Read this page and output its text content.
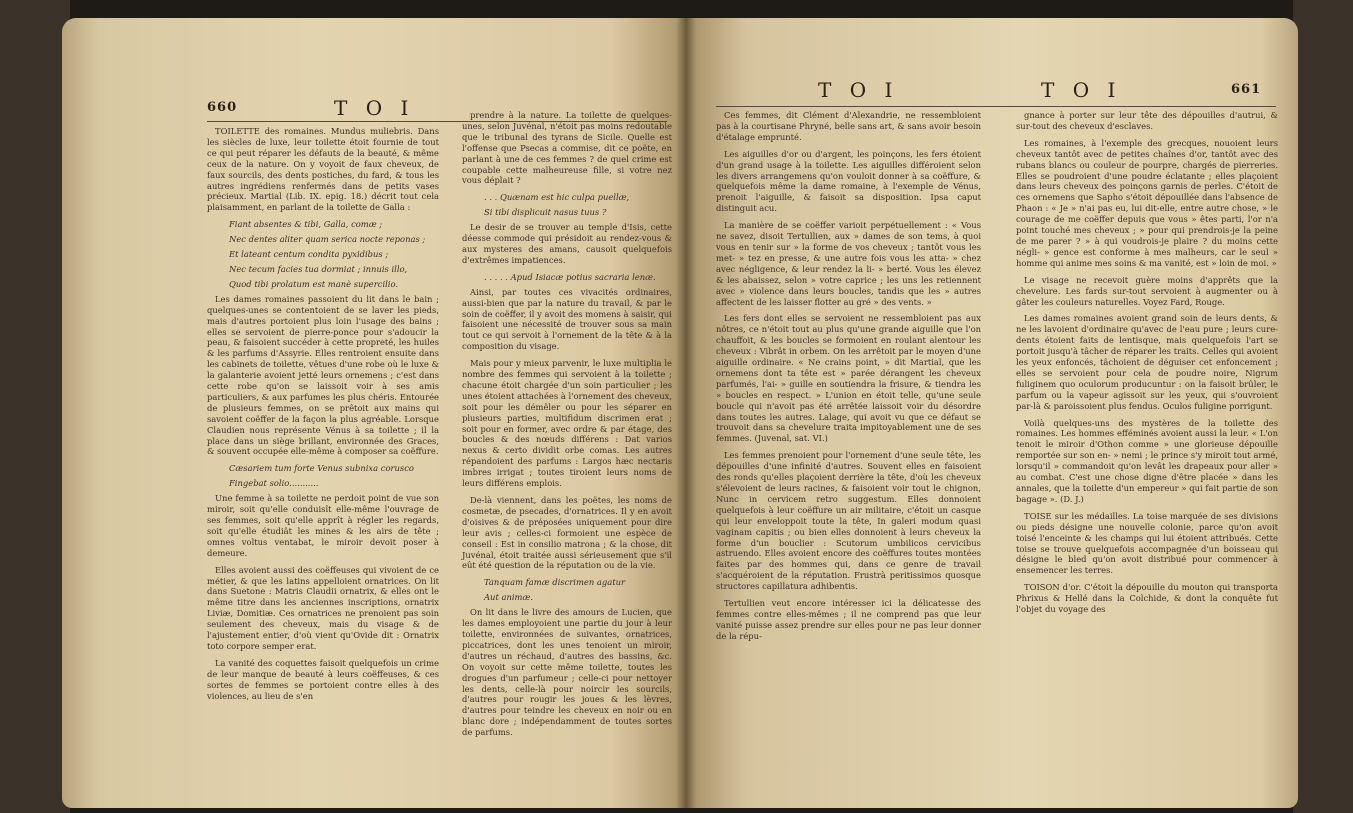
660	T O I

TOILETTE des romaines. Mundus muliebris. Dans les siècles de luxe, leur toilette étoit fournie de tout ce qui peut réparer les défauts de la beauté, & même ceux de la nature. On y voyoit de faux cheveux, de faux sourcils, des dents postiches, du fard, & tous les autres ingrédiens renfermés dans de petits vases précieux. Martial (Lib. IX. epig. 18.) décrit tout cela plaisamment, en parlant de la toilette de Galla :

Fiant absentes & tibi, Galla, comæ ;

Nec dentes aliter quam serica nocte reponas ;

Et lateant centum condita pyxidibus ;

Nec tecum facies tua dormiat ; innuis illo,

Quod tibi prolatum est manè supercilio.

Les dames romaines passoient du lit dans le bain ; quelques-unes se contentoient de se laver les pieds, mais d'autres portoient plus loin l'usage des bains ; elles se servoient de pierre-ponce pour s'adoucir la peau, & faisoient succéder à cette propreté, les huiles & les parfums d'Assyrie. Elles rentroient ensuite dans les cabinets de toilette, vêtues d'une robe où le luxe & la galanterie avoient jetté leurs ornemens ; c'est dans cette robe qu'on se laissoit voir à ses amis particuliers, & aux parfumes les plus chéris. Entourée de plusieurs femmes, on se prêtoit aux mains qui savoient coëffer de la façon la plus agréable. Lorsque Claudien nous représente Vénus à sa toilette ; il la place dans un siège brillant, environnée des Graces, & souvent occupée elle-même à composer sa coëffure.

Cæsariem tum forte Venus subnixa corusco

Fingebat solio...........

Une femme à sa toilette ne perdoit point de vue son miroir, soit qu'elle conduisît elle-même l'ouvrage de ses femmes, soit qu'elle apprît à régler les regards, soit qu'elle étudiât les mines & les airs de tête ; omnes voltus ventabat, le miroir devoit poser à demeure.

Elles avoient aussi des coëffeuses qui vivoient de ce métier, & que les latins appelloient ornatrices. On lit dans Suetone : Matris Claudii ornatrix, & elles ont le même titre dans les anciennes inscriptions, ornatrix Liviæ, Domitiæ. Ces ornatrices ne prenoient pas soin seulement des cheveux, mais du visage & de l'ajustement entier, d'où vient qu'Ovide dit : Ornatrix toto corpore semper erat.

La vanité des coquettes faisoit quelquefois un crime de leur manque de beauté à leurs coëffeuses, & ces sortes de femmes se portoient contre elles à des violences, au lieu de s'en

prendre à la nature. La toilette de quelques-unes, selon Juvénal, n'étoit pas moins redoutable que le tribunal des tyrans de Sicile. Quelle est l'offense que Psecas a commise, dit ce poëte, en parlant à une de ces femmes ? de quel crime est coupable cette malheureuse fille, si votre nez vous déplait ?

. . . Quænam est hic culpa puellæ,

Si tibi displicuit nasus tuus ?

Le desir de se trouver au temple d'Isis, cette déesse commode qui présidoit au rendez-vous & aux mysteres des amans, causoit quelquefois d'extrêmes impatiences.

. . . . . Apud Isiacæ potius sacraria lenæ.

Ainsi, par toutes ces vivacités ordinaires, aussi-bien que par la nature du travail, & par le soin de coëffer, il y avoit des momens à saisir, qui faisoient une nécessité de trouver sous sa main tout ce qui servoit à l'ornement de la tête & à la composition du visage.

Mais pour y mieux parvenir, le luxe multiplia le nombre des femmes qui servoient à la toilette ; chacune étoit chargée d'un soin particulier ; les unes étoient attachées à l'ornement des cheveux, soit pour les démêler ou pour les séparer en plusieurs parties, multifidum discrimen erat ; soit pour en former, avec ordre & par étage, des boucles & des nœuds différens : Dat varios nexus & certo dividit orbe comas. Les autres répandoient des parfums : Largos hæc nectaris imbres irrigat ; toutes tiroient leurs noms de leurs différens emplois.

De-là viennent, dans les poëtes, les noms de cosmetæ, de psecades, d'ornatrices. Il y en avoit d'oisives & de préposées uniquement pour dire leur avis ; celles-ci formoient une espèce de conseil : Est in consilio matrona ; & la chose, dit Juvénal, étoit traitée aussi sérieusement que s'il eût été question de la réputation ou de la vie.

Tanquam famæ discrimen agatur

Aut animæ.

On lit dans le livre des amours de Lucien, que les dames employoient une partie du jour à leur toilette, environnées de suivantes, ornatrices, piccatrices, dont les unes tenoient un miroir, d'autres un réchaud, d'autres des bassins, &c. On voyoit sur cette même toilette, toutes les drogues d'un parfumeur ; celle-ci pour nettoyer les dents, celle-là pour noircir les sourcils, d'autres pour rougir les joues & les lèvres, d'autres pour teindre les cheveux en noir ou en blanc dore ; indépendamment de toutes sortes de parfums.

T O I	T O I	661

Ces femmes, dit Clément d'Alexandrie, ne ressembloient pas à la courtisane Phryné, belle sans art, & sans avoir besoin d'étalage emprunté.

Les aiguilles d'or ou d'argent, les poinçons, les fers étoient d'un grand usage à la toilette. Les aiguilles différoient selon les divers arrangemens qu'on vouloit donner à sa coëffure, & quelquefois même la dame romaine, à l'exemple de Vénus, prenoit l'aiguille, & faisoit sa disposition. Ipsa caput distinguit acu.

La manière de se coëffer varioit perpétuellement : « Vous ne savez, disoit Tertullien, aux » dames de son tems, à quoi vous en tenir sur » la forme de vos cheveux ; tantôt vous les met- » tez en presse, & une autre fois vous les atta- » chez avec négligence, & leur rendez la li- » berté. Vous les élevez & les abaissez, selon » votre caprice ; les uns les retiennent avec » violence dans leurs boucles, tandis que les » autres affectent de les laisser flotter au gré » des vents. »

Les fers dont elles se servoient ne ressembloient pas aux nôtres, ce n'étoit tout au plus qu'une grande aiguille que l'on chauffoit, & les boucles se formoient en roulant alentour les cheveux : Vibrât in orbem. On les arrêtoit par le moyen d'une aiguille ordinaire. « Ne crains point, » dit Martial, que les ornemens dont ta tête est » parée dérangent les cheveux parfumés, l'ai- » guille en soutiendra la frisure, & tiendra les » boucles en respect. » L'union en étoit telle, qu'une seule boucle qui n'avoit pas été arrêtée laissoit voir du désordre dans toutes les autres. Lalage, qui avoit vu que ce défaut se trouvoit dans sa chevelure traita impitoyablement une de ses femmes. (Juvenal, sat. VI.)

Les femmes prenoient pour l'ornement d'une seule tête, les dépouilles d'une infinité d'autres. Souvent elles en faisoient des ronds qu'elles plaçoient derrière la tête, d'où les cheveux s'élevoient de leurs racines, & faisoient voir tout le chignon, Nunc in cervicem retro suggestum. Elles donnoient quelquefois à leur coëffure un air militaire, c'étoit un casque qui leur enveloppoit toute la tête, In galeri modum quasi vaginam capitis ; ou bien elles donnoient à leurs cheveux la forme d'un bouclier : Scutorum umbilicos cervicibus astruendo. Elles avoient encore des coëffures toutes montées faites par des hommes qui, dans ce genre de travail s'acquéroient de la réputation. Frustrà peritissimos quosque structores capillatura adhibentis.

Tertullien veut encore intéresser ici la délicatesse des femmes contre elles-mêmes ; il ne comprend pas que leur vanité puisse assez prendre sur elles pour ne pas leur donner de la répu-

gnance à porter sur leur tête des dépouilles d'autrui, & sur-tout des cheveux d'esclaves.

Les romaines, à l'exemple des grecques, nouoient leurs cheveux tantôt avec de petites chaînes d'or, tantôt avec des rubans blancs ou couleur de pourpre, chargés de pierreries. Elles se poudroient d'une poudre éclatante ; elles plaçoient dans leurs cheveux des poinçons garnis de perles. C'étoit de ces ornemens que Sapho s'étoit dépouillée dans l'absence de Phaon : « Je » n'ai pas eu, lui dit-elle, entre autre chose, » le courage de me coëffer depuis que vous » êtes parti, l'or n'a point touché mes cheveux ; » pour qui prendrois-je la peine de me parer ? » à qui voudrois-je plaire ? du moins cette négli- » gence est conforme à mes malheurs, car le seul » homme qui anime mes soins & ma vanité, est » loin de moi. »

Le visage ne recevoit guère moins d'apprêts que la chevelure. Les fards sur-tout servoient à augmenter ou à gâter les couleurs naturelles. Voyez Fard, Rouge.

Les dames romaines avoient grand soin de leurs dents, & ne les lavoient d'ordinaire qu'avec de l'eau pure ; leurs cure-dents étoient faits de lentisque, mais quelquefois l'art se portoit jusqu'à tâcher de réparer les traits. Celles qui avoient les yeux enfoncés, tâchoient de déguiser cet enfoncement ; elles se servoient pour cela de poudre noire, Nigrum fuliginem quo oculorum producuntur : on la faisoit brûler, le parfum ou la vapeur agissoit sur les yeux, qui s'ouvroient par-là & paroissoient plus fendus. Oculos fuligine porrigunt.

Voilà quelques-uns des mystères de la toilette des romaines. Les hommes efféminés avoient aussi la leur. « L'on tenoit le miroir d'Othon comme » une glorieuse dépouille remportée sur son en- » nemi ; le prince s'y miroit tout armé, lorsqu'il » commandoit qu'on levât les drapeaux pour aller » au combat. C'est une chose digne d'être placée » dans les annales, que la toilette d'un empereur » qui fait partie de son bagage ». (D. J.)

TOISE sur les médailles. La toise marquée de ses divisions ou pieds désigne une nouvelle colonie, parce qu'on avoit toisé l'enceinte & les champs qui lui étoient attribués. Cette toise se trouve quelquefois accompagnée d'un boisseau qui désigne le bled qu'on avoit distribué pour commencer à ensemencer les terres.

TOISON d'or. C'étoit la dépouille du mouton qui transporta Phrixus & Hellé dans la Colchide, & dont la conquête fut l'objet du voyage des
